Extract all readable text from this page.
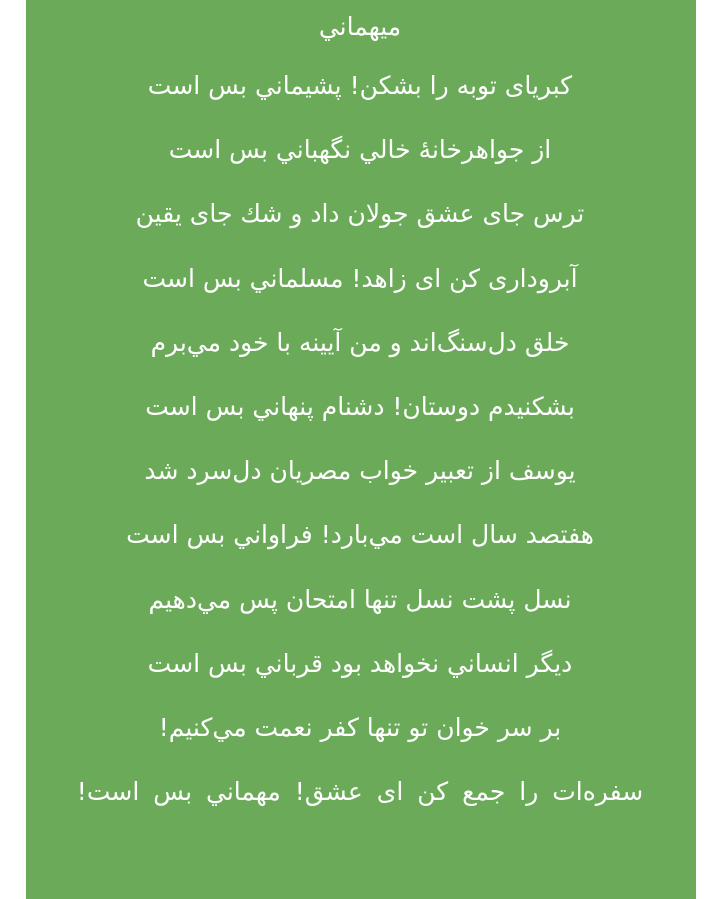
میهماني
کبریای توبه را بشکن! پشیماني بس است
از جواهرخانهٔ خالي نگهباني بس است
ترس جای عشق جولان داد و شك جای یقین
آبروداری کن ای زاهد! مسلماني بس است
خلق دل‌سنگ‌اند و من آیینه با خود مي‌برم
بشکنیدم دوستان! دشنام پنهاني بس است
یوسف از تعبیر خواب مصریان دل‌سرد شد
هفتصد سال است مي‌بارد! فراواني بس است
نسل پشت نسل تنها امتحان پس مي‌دهیم
دیگر انساني نخواهد بود قرباني بس است
بر سر خوان تو تنها کفر نعمت مي‌کنیم!
سفره‌ات را جمع کن ای عشق! مهماني بس است!
